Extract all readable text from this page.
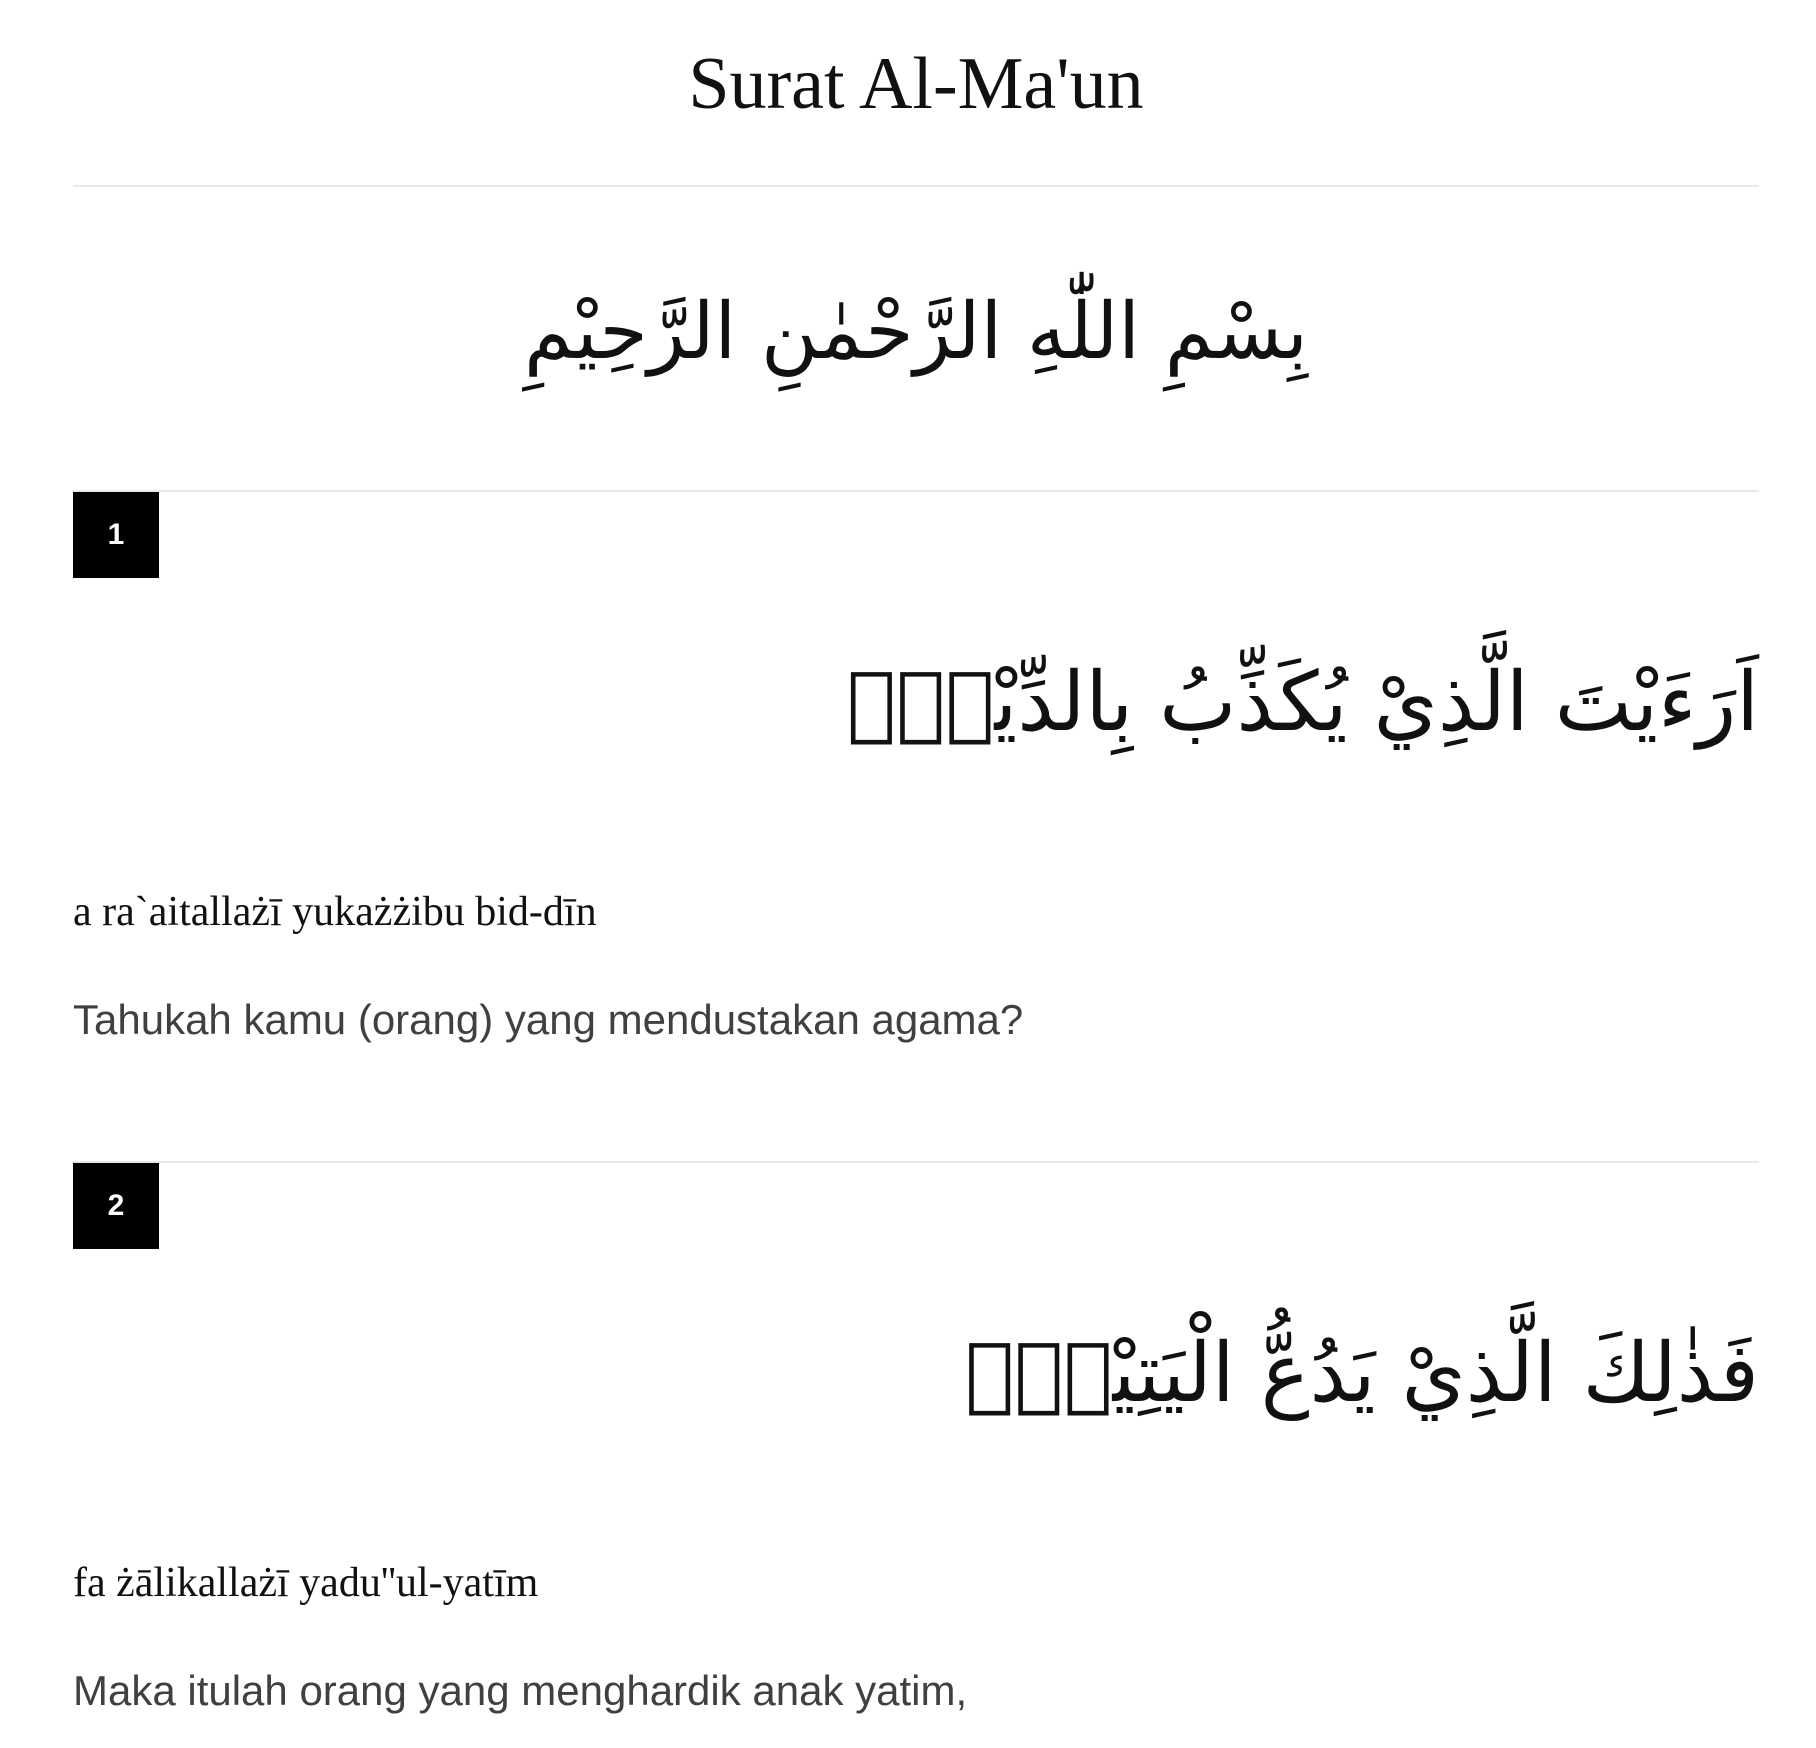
Surat Al-Ma'un
بِسْمِ اللّٰهِ الرَّحْمٰنِ الرَّحِيْمِ
1
اَرَءَيْتَ الَّذِيْ يُكَذِّبُ بِالدِّيْنِۗ
a ra`aitallażī yukażżibu bid-dīn
Tahukah kamu (orang) yang mendustakan agama?
2
فَذٰلِكَ الَّذِيْ يَدُعُّ الْيَتِيْمَۙ
fa żālikallażī yadu''ul-yatīm
Maka itulah orang yang menghardik anak yatim,
